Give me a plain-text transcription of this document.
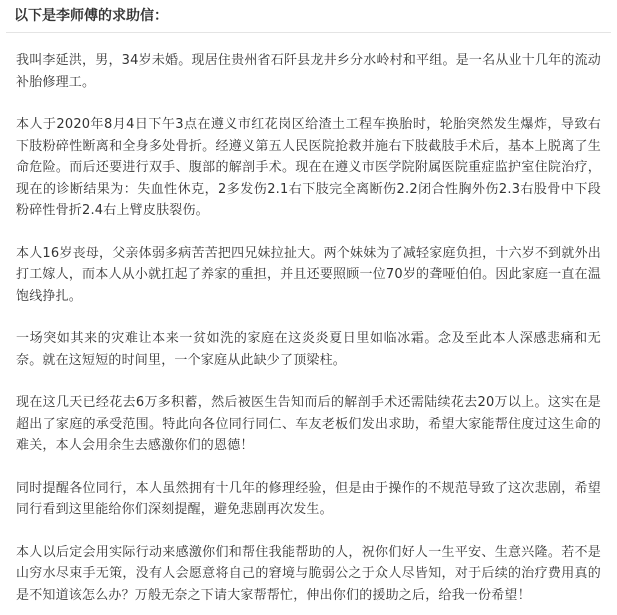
以下是李师傅的求助信：

我叫李延洪，男，34岁未婚。现居住贵州省石阡县龙井乡分水岭村和平组。是一名从业十几年的流动补胎修理工。

本人于2020年8月4日下午3点在遵义市红花岗区给渣土工程车换胎时，轮胎突然发生爆炸，导致右下肢粉碎性断离和全身多处骨折。经遵义第五人民医院抢救并施右下肢截肢手术后，基本上脱离了生命危险。而后还要进行双手、腹部的解剖手术。现在在遵义市医学院附属医院重症监护室住院治疗，现在的诊断结果为：失血性休克，2多发伤2.1右下肢完全离断伤2.2闭合性胸外伤2.3右股骨中下段粉碎性骨折2.4右上臂皮肤裂伤。

本人16岁丧母，父亲体弱多病苦苦把四兄妹拉扯大。两个妹妹为了减轻家庭负担，十六岁不到就外出打工嫁人，而本人从小就扛起了养家的重担，并且还要照顾一位70岁的聋哑伯伯。因此家庭一直在温饱线挣扎。

一场突如其来的灾难让本来一贫如洗的家庭在这炎炎夏日里如临冰霜。念及至此本人深感悲痛和无奈。就在这短短的时间里，一个家庭从此缺少了顶梁柱。

现在这几天已经花去6万多积蓄，然后被医生告知而后的解剖手术还需陆续花去20万以上。这实在是超出了家庭的承受范围。特此向各位同行同仁、车友老板们发出求助，希望大家能帮住度过这生命的难关，本人会用余生去感激你们的恩德！

同时提醒各位同行，本人虽然拥有十几年的修理经验，但是由于操作的不规范导致了这次悲剧，希望同行看到这里能给你们深刻提醒，避免悲剧再次发生。

本人以后定会用实际行动来感激你们和帮住我能帮助的人，祝你们好人一生平安、生意兴隆。若不是山穷水尽束手无策，没有人会愿意将自己的窘境与脆弱公之于众人尽皆知，对于后续的治疗费用真的是不知道该怎么办？万般无奈之下请大家帮帮忙，伸出你们的援助之后，给我一份希望！
